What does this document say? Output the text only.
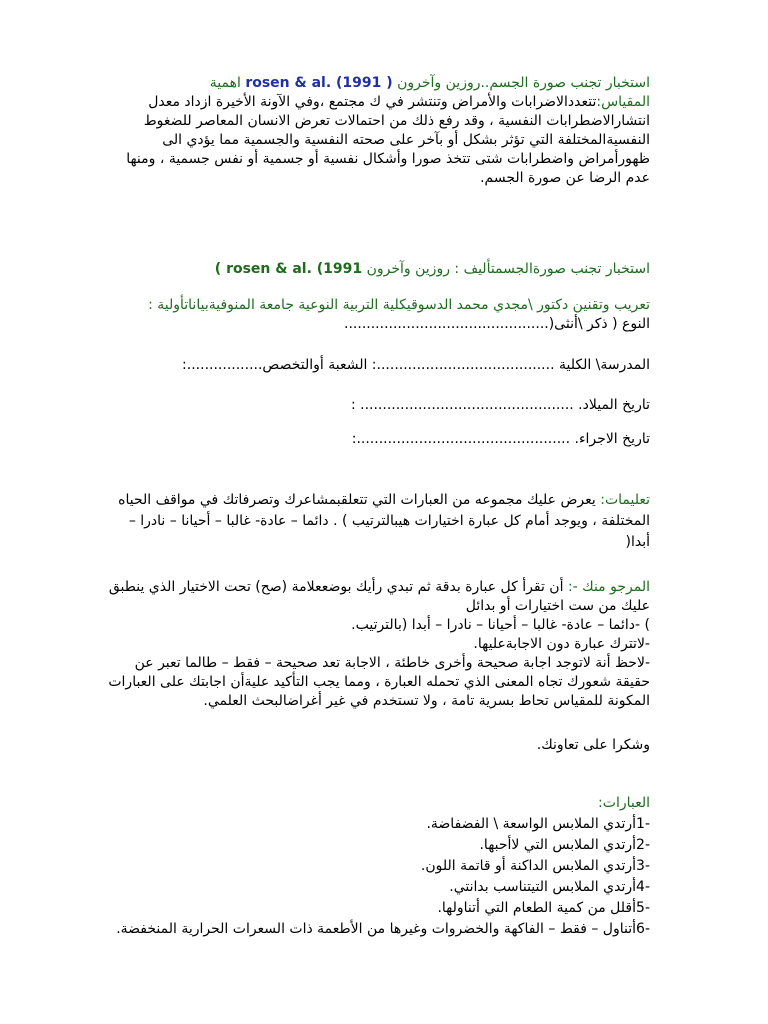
استخبار تجنب صورة الجسم..روزين وآخرون rosen & al. (1991 ) اهمية
المقياس:تتعددالاضرابات والأمراض وتنتشر في ك مجتمع ،وفي الآونة الأخيرة ازداد معدل
انتشارالاضطرابات النفسية ، وقد رفع ذلك من احتمالات تعرض الانسان المعاصر للضغوط
النفسيةالمختلفة التي تؤثر بشكل أو بآخر على صحته النفسية والجسمية مما يؤدي الى
ظهورأمراض واضطرابات شتى تتخذ صورا وأشكال نفسية أو جسمية أو نفس جسمية ، ومنها
عدم الرضا عن صورة الجسم.
استخبار تجنب صورةالجسمتأليف : روزين وآخرون ( rosen & al. (1991
تعريب وتقنين دكتور \مجدي محمد الدسوقيكلية التربية النوعية جامعة المنوفيةبياناتأولية :
النوع ( ذكر \أنثى(..............................................
المدرسة\ الكلية ........................................: الشعبة أوالتخصص.................:
تاريخ الميلاد. ................................................ :
تاريخ الاجراء. ................................................:
تعليمات: يعرض عليك مجموعه من العبارات التي تتعلقبمشاعرك وتصرفاتك في مواقف الحياه
المختلفة ، ويوجد أمام كل عبارة اختيارات هيبالترتيب ) . دائما – عادة- غالبا – أحيانا – نادرا –
أبدا(
المرجو منك -: أن تقرأ كل عبارة بدقة ثم تبدي رأيك بوضععلامة (صح) تحت الاختيار الذي ينطبق
عليك من ست اختيارات أو بدائل
) -دائما – عادة- غالبا – أحيانا – نادرا – أبدا (بالترتيب.
-لاتترك عبارة دون الاجابةعليها.
-لاحظ أنة لاتوجد اجابة صحيحة وأخرى خاطئة ، الاجابة تعد صحيحة – فقط – طالما تعبر عن
حقيقة شعورك تجاه المعنى الذي تحمله العبارة ، ومما يجب التأكيد عليةأن اجابتك على العبارات
المكونة للمقياس تحاط بسرية تامة ، ولا تستخدم في غير أغراضالبحث العلمي.
وشكرا على تعاونك.
العبارات:
-1أرتدي الملابس الواسعة \ الفضفاضة.
-2أرتدي الملابس التي لاأحبها.
-3أرتدي الملابس الداكنة أو قاتمة اللون.
-4أرتدي الملابس التيتناسب بدانتي.
-5أقلل من كمية الطعام التي أتناولها.
-6أتناول – فقط – الفاكهة والخضروات وغيرها من الأطعمة ذات السعرات الحرارية المنخفضة.
